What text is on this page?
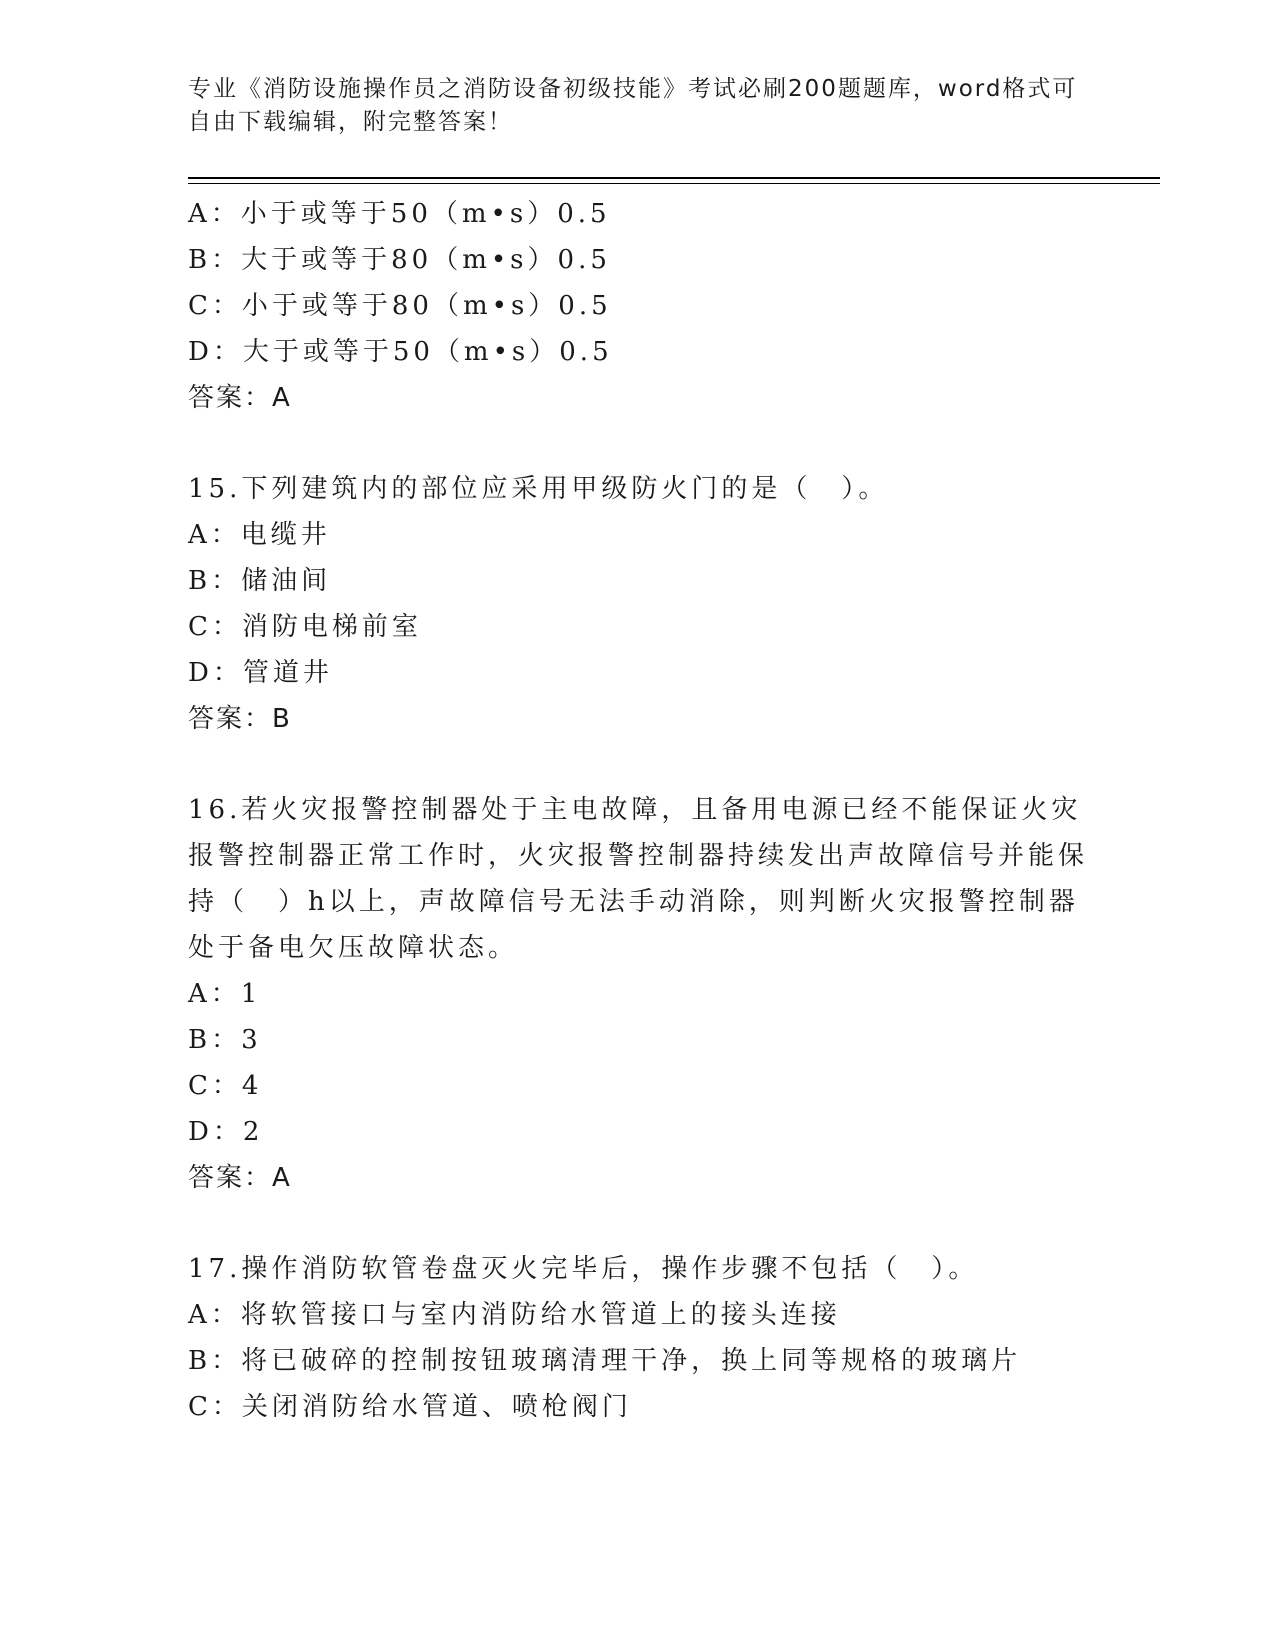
专业《消防设施操作员之消防设备初级技能》考试必刷200题题库，word格式可自由下载编辑，附完整答案！
A：小于或等于50（m•s）0.5
B：大于或等于80（m•s）0.5
C：小于或等于80（m•s）0.5
D：大于或等于50（m•s）0.5
答案：A
15.下列建筑内的部位应采用甲级防火门的是（　）。
A：电缆井
B：储油间
C：消防电梯前室
D：管道井
答案：B
16.若火灾报警控制器处于主电故障，且备用电源已经不能保证火灾报警控制器正常工作时，火灾报警控制器持续发出声故障信号并能保持（　）h以上，声故障信号无法手动消除，则判断火灾报警控制器处于备电欠压故障状态。
A：1
B：3
C：4
D：2
答案：A
17.操作消防软管卷盘灭火完毕后，操作步骤不包括（　）。
A：将软管接口与室内消防给水管道上的接头连接
B：将已破碎的控制按钮玻璃清理干净，换上同等规格的玻璃片
C：关闭消防给水管道、喷枪阀门
